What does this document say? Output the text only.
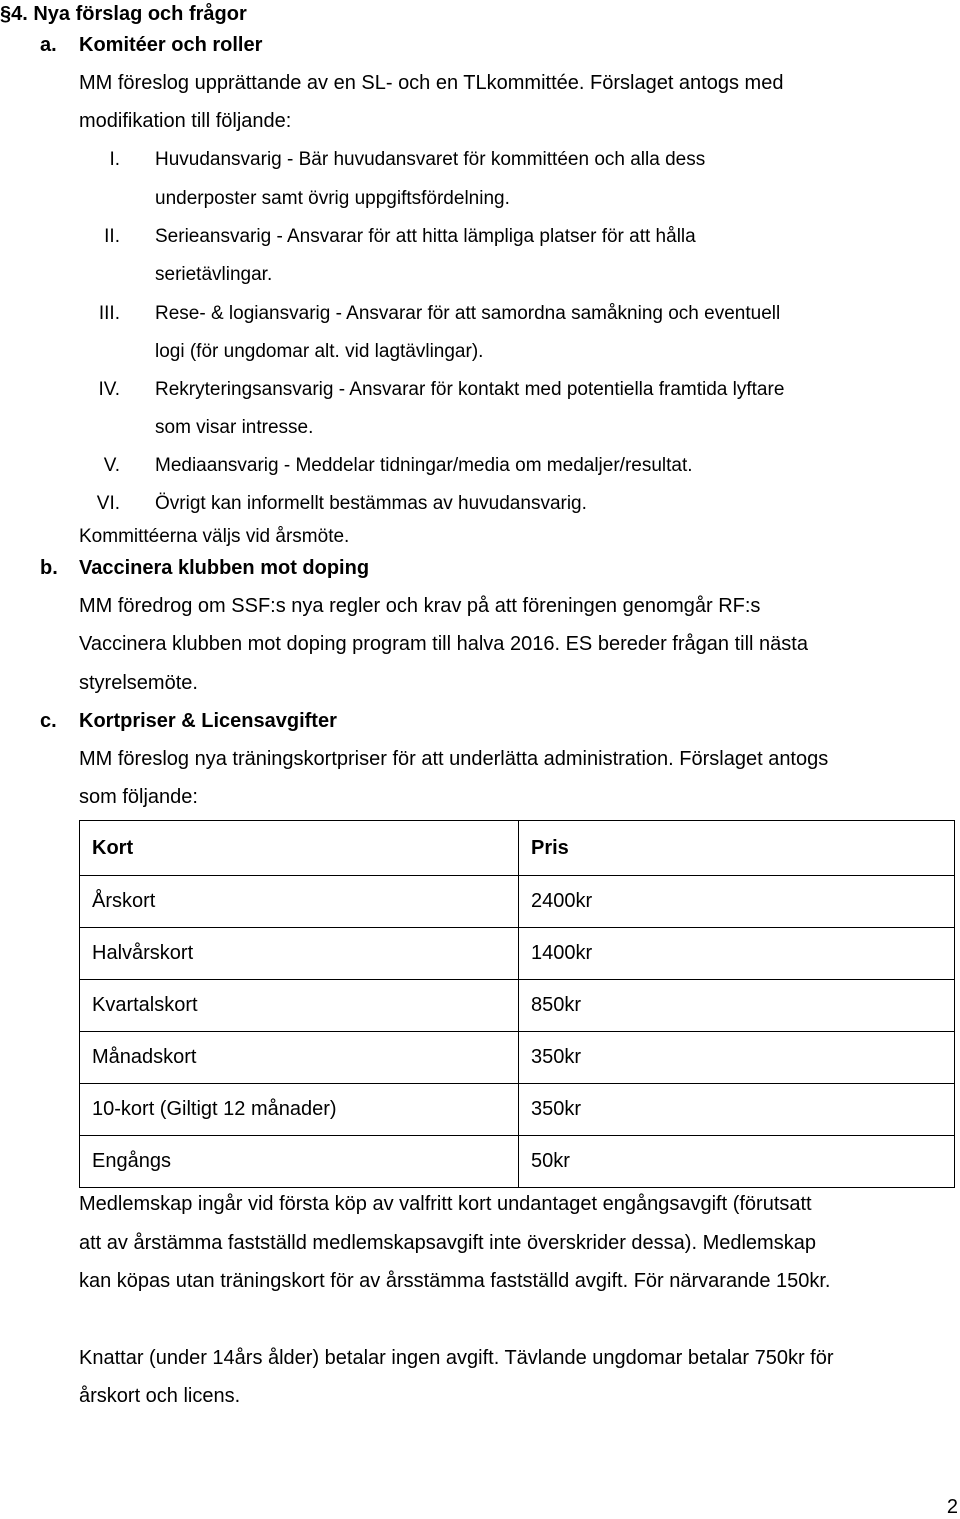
§4. Nya förslag och frågor
a. Komitéer och roller
MM föreslog upprättande av en SL- och en TLkommittée. Förslaget antogs med
modifikation till följande:
I. Huvudansvarig - Bär huvudansvaret för kommittéen och alla dess
underposter samt övrig uppgiftsfördelning.
II. Serieansvarig - Ansvarar för att hitta lämpliga platser för att hålla
serietävlingar.
III. Rese- & logiansvarig - Ansvarar för att samordna samåkning och eventuell
logi (för ungdomar alt. vid lagtävlingar).
IV. Rekryteringsansvarig - Ansvarar för kontakt med potentiella framtida lyftare
som visar intresse.
V. Mediaansvarig - Meddelar tidningar/media om medaljer/resultat.
VI. Övrigt kan informellt bestämmas av huvudansvarig.
Kommittéerna väljs vid årsmöte.
b. Vaccinera klubben mot doping
MM föredrog om SSF:s nya regler och krav på att föreningen genomgår RF:s
Vaccinera klubben mot doping program till halva 2016. ES bereder frågan till nästa
styrelsemöte.
c. Kortpriser & Licensavgifter
MM föreslog nya träningskortpriser för att underlätta administration. Förslaget antogs
som följande:
Kort	Pris
Årskort	2400kr
Halvårskort	1400kr
Kvartalskort	850kr
Månadskort	350kr
10-kort (Giltigt 12 månader)	350kr
Engångs	50kr
Medlemskap ingår vid första köp av valfritt kort undantaget engångsavgift (förutsatt
att av årstämma fastställd medlemskapsavgift inte överskrider dessa). Medlemskap
kan köpas utan träningskort för av årsstämma fastställd avgift. För närvarande 150kr.
Knattar (under 14års ålder) betalar ingen avgift. Tävlande ungdomar betalar 750kr för
årskort och licens.
2
